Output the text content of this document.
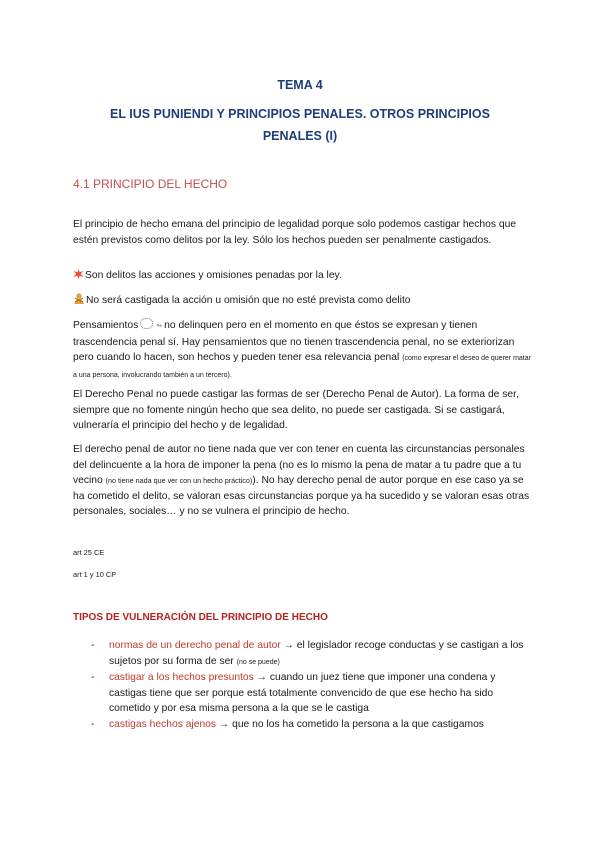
TEMA 4
EL IUS PUNIENDI Y PRINCIPIOS PENALES. OTROS PRINCIPIOS PENALES (I)
4.1 PRINCIPIO DEL HECHO
El principio de hecho emana del principio de legalidad porque solo podemos castigar hechos que estén previstos como delitos por la ley. Sólo los hechos pueden ser penalmente castigados.
Son delitos las acciones y omisiones penadas por la ley.
No será castigada la acción u omisión que no esté prevista como delito
Pensamientos	↬ no delinquen pero en el momento en que éstos se expresan y tienen trascendencia penal sí. Hay pensamientos que no tienen trascendencia penal, no se exteriorizan pero cuando lo hacen, son hechos y pueden tener esa relevancia penal (como expresar el deseo de querer matar a una persona, involucrando también a un tercero).
El Derecho Penal no puede castigar las formas de ser (Derecho Penal de Autor). La forma de ser, siempre que no fomente ningún hecho que sea delito, no puede ser castigada. Si se castigará, vulneraría el principio del hecho y de legalidad.
El derecho penal de autor no tiene nada que ver con tener en cuenta las circunstancias personales del delincuente a la hora de imponer la pena (no es lo mismo la pena de matar a tu padre que a tu vecino (no tiene nada que ver con un hecho práctico)). No hay derecho penal de autor porque en ese caso ya se ha cometido el delito, se valoran esas circunstancias porque ya ha sucedido y se valoran esas otras personales, sociales… y no se vulnera el principio de hecho.
art 25 CE
art 1 y 10 CP
TIPOS DE VULNERACIÓN DEL PRINCIPIO DE HECHO
- normas de un derecho penal de autor → el legislador recoge conductas y se castigan a los sujetos por su forma de ser (no se puede)
- castigar a los hechos presuntos → cuando un juez tiene que imponer una condena y castigas tiene que ser porque está totalmente convencido de que ese hecho ha sido cometido y por esa misma persona a la que se le castiga
- castigas hechos ajenos → que no los ha cometido la persona a la que castigamos
